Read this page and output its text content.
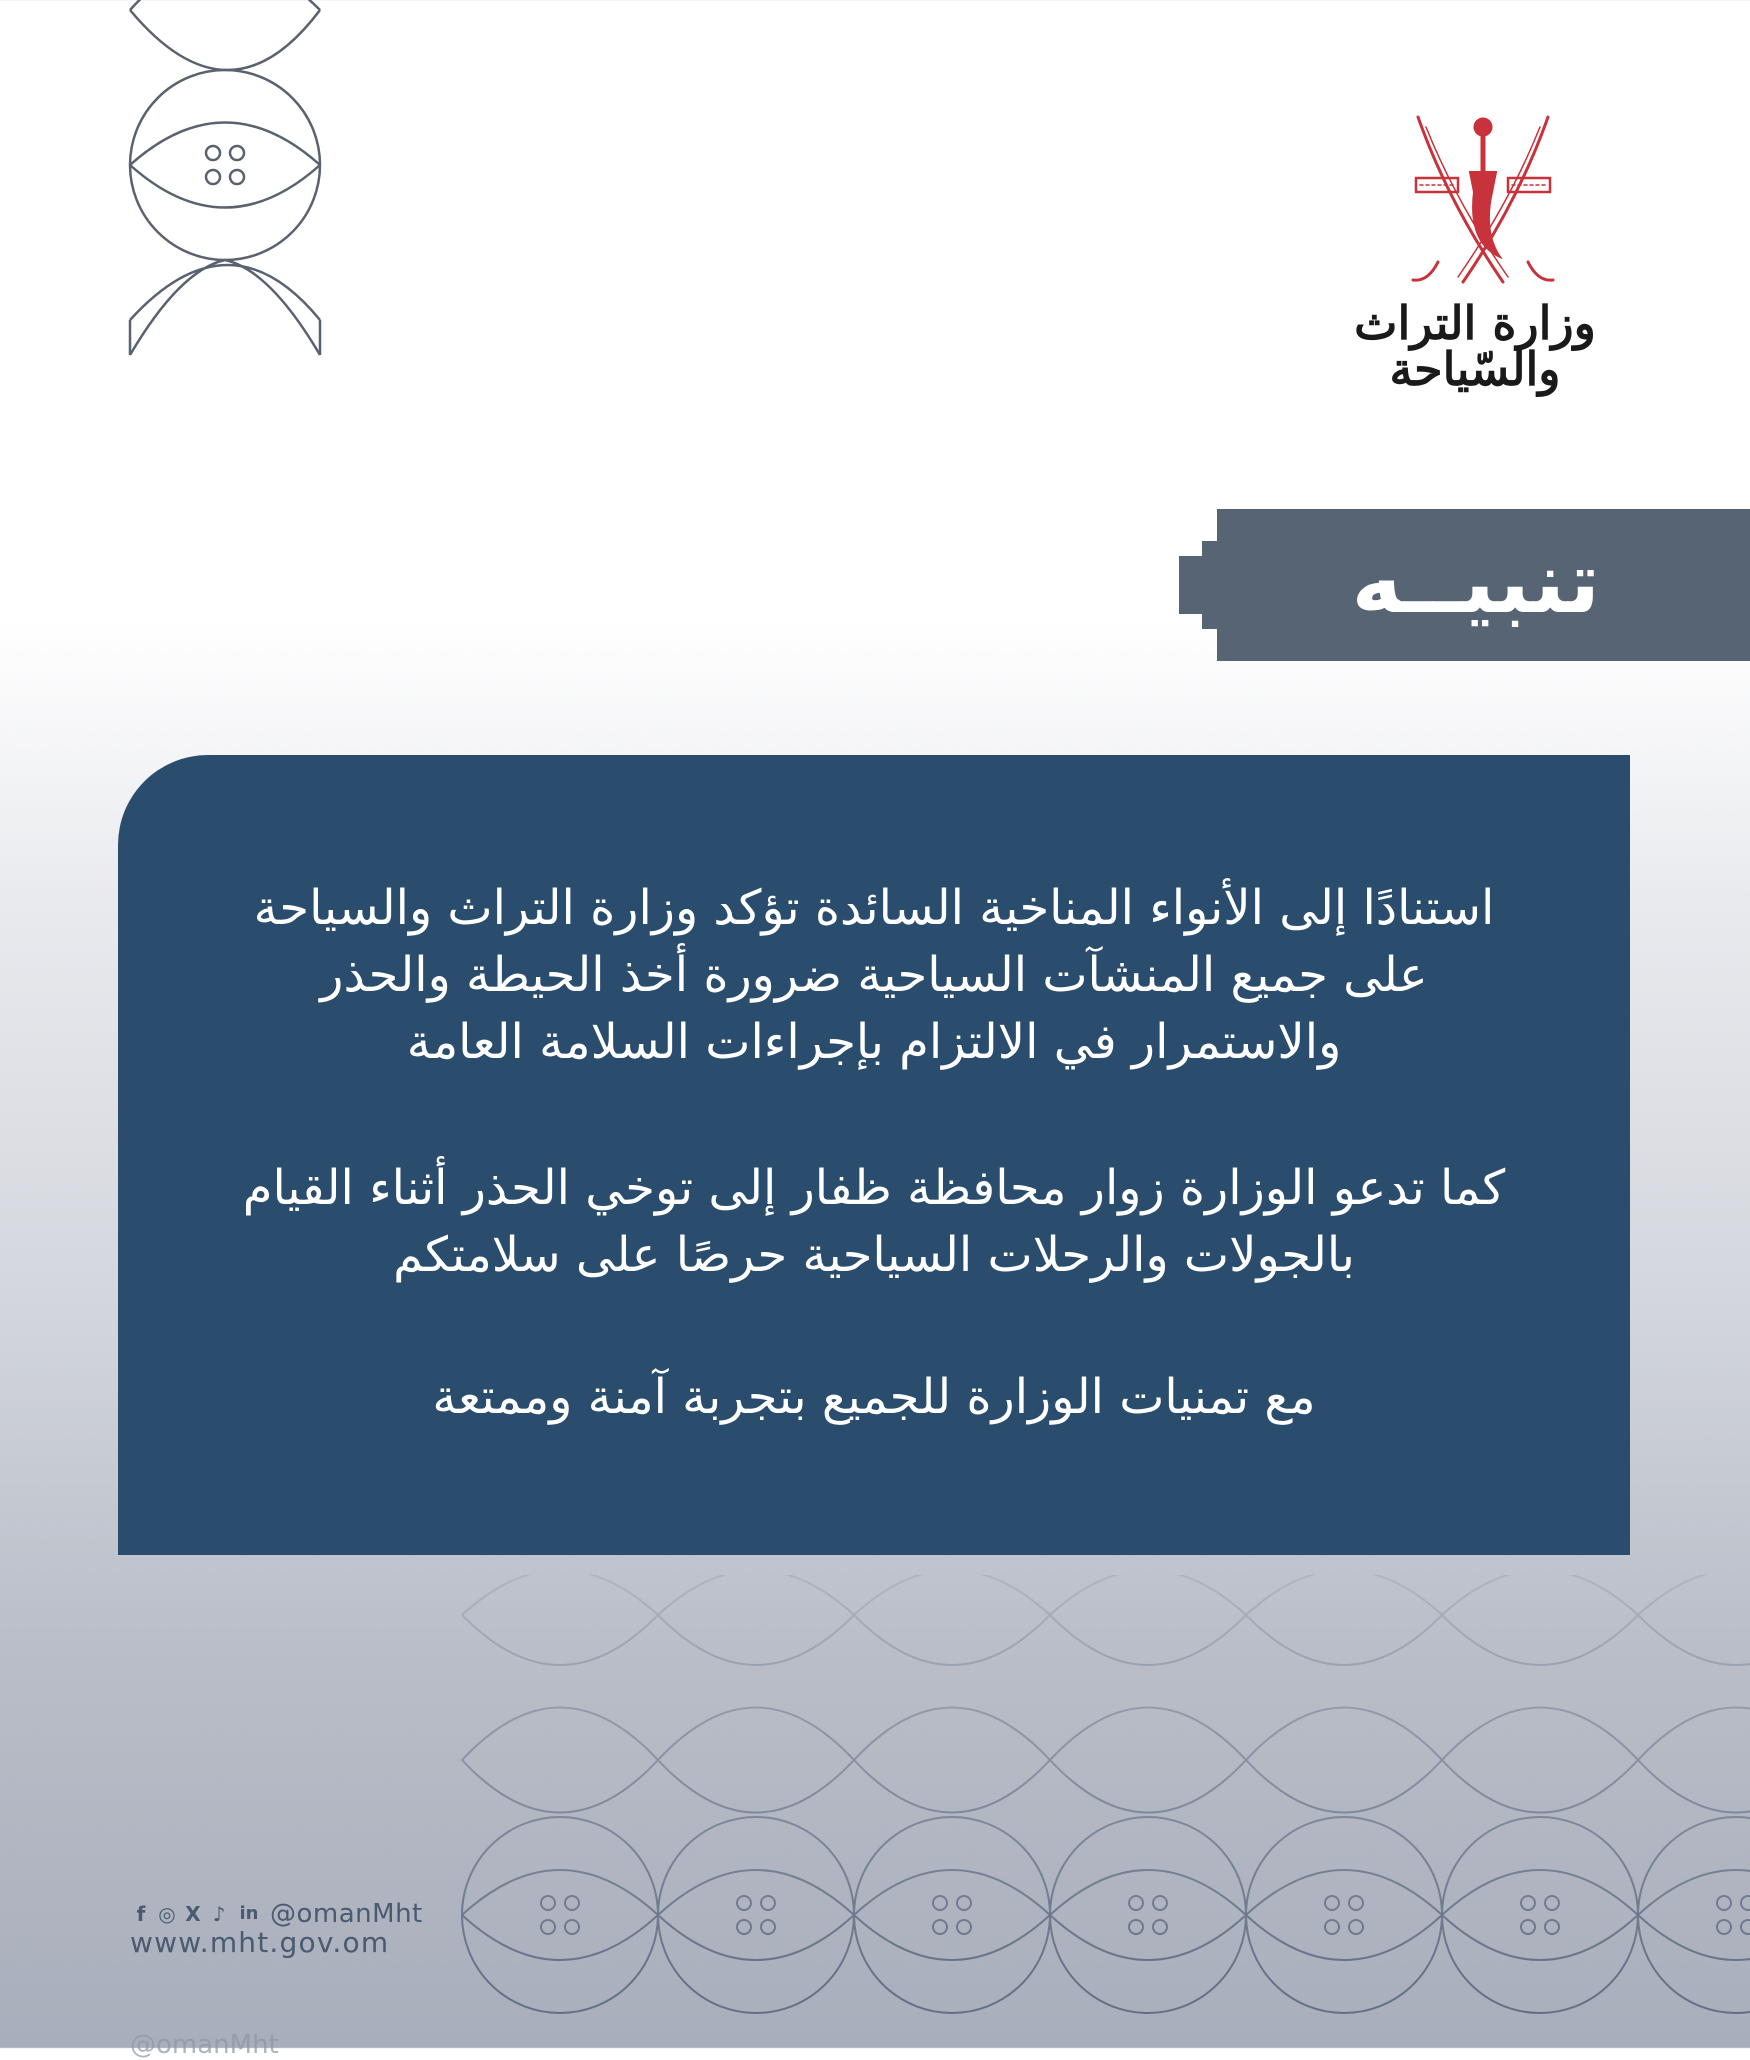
وزارة التراث والسّياحة
تنبيــه
استنادًا إلى الأنواء المناخية السائدة تؤكد وزارة التراث والسياحة
على جميع المنشآت السياحية ضرورة أخذ الحيطة والحذر
والاستمرار في الالتزام بإجراءات السلامة العامة
كما تدعو الوزارة زوار محافظة ظفار إلى توخي الحذر أثناء القيام
بالجولات والرحلات السياحية حرصًا على سلامتكم
مع تمنيات الوزارة للجميع بتجربة آمنة وممتعة
f ◎ X ♪ in @omanMht
www.mht.gov.om
@omanMht
